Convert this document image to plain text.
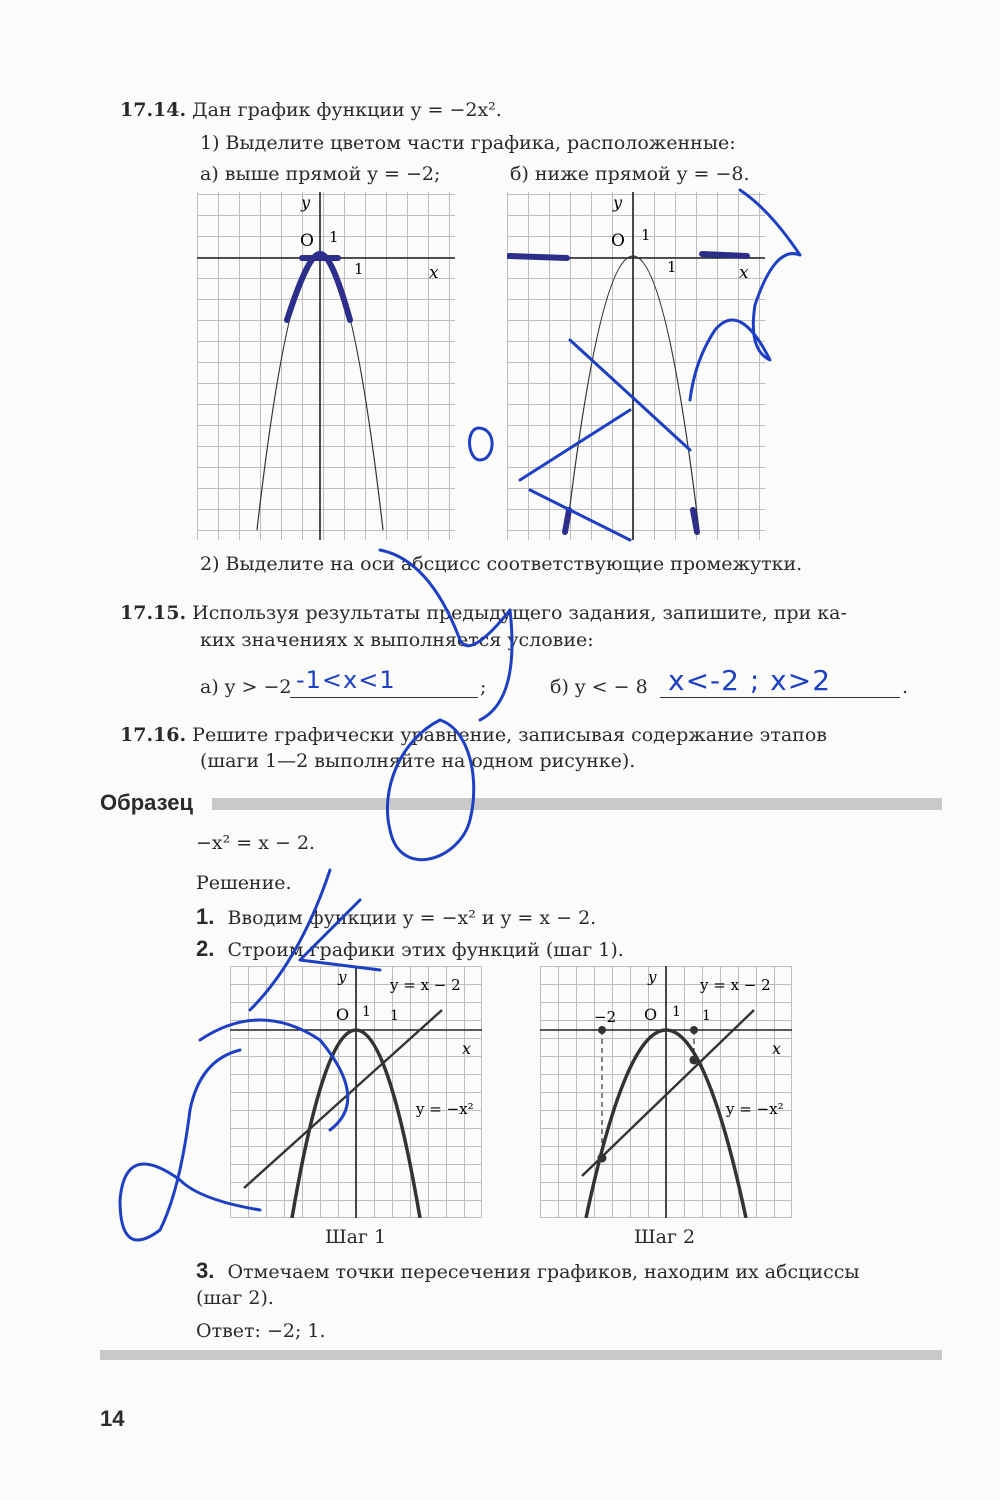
17.14. Дан график функции y = −2x².
1) Выделите цветом части графика, расположенные:
а) выше прямой y = −2;	б) ниже прямой y = −8.
y
O 1
1	x
y
O 1
1	x
2) Выделите на оси абсцисс соответствующие промежутки.
17.15. Используя результаты предыдущего задания, запишите, при ка-
ких значениях x выполняется условие:
а) y > −2 -1<x<1	;	б) y < − 8 x<-2 ; x>2	.
17.16. Решите графически уравнение, записывая содержание этапов
(шаги 1—2 выполняйте на одном рисунке).
Образец
−x² = x − 2.
Решение.
1. Вводим функции y = −x² и y = x − 2.
2. Строим графики этих функций (шаг 1).
y
O 1 1
x
y = x − 2
y = −x²
y
O 1 1
−2
x
y = x − 2
y = −x²
Шаг 1	Шаг 2
3. Отмечаем точки пересечения графиков, находим их абсциссы
(шаг 2).
Ответ: −2; 1.
14
